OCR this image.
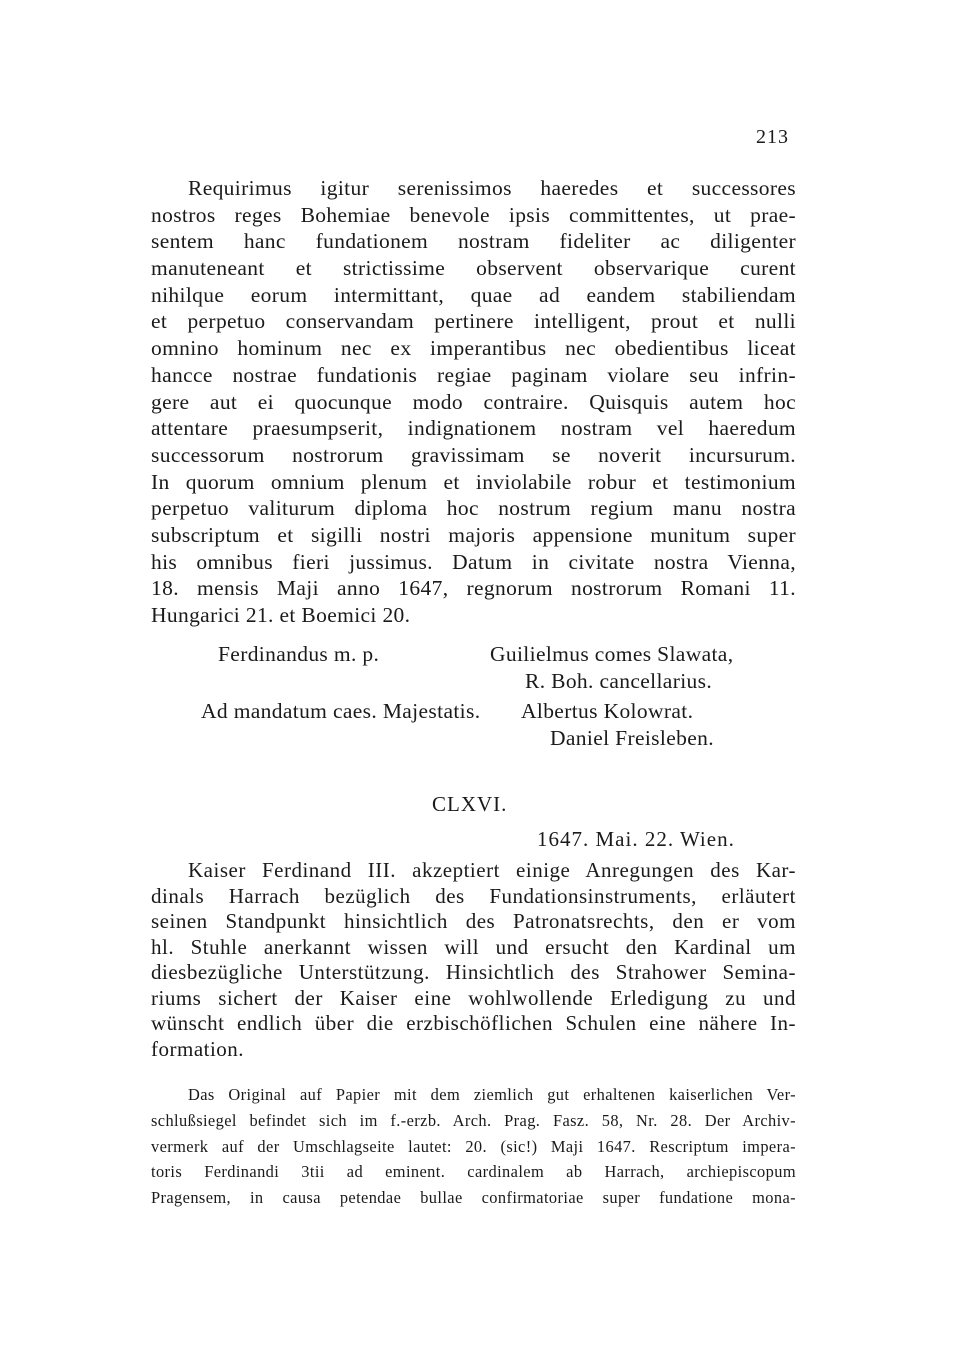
213
Requirimus igitur serenissimos haeredes et successores
nostros reges Bohemiae benevole ipsis committentes, ut prae-
sentem hanc fundationem nostram fideliter ac diligenter
manuteneant et strictissime observent observarique curent
nihilque eorum intermittant, quae ad eandem stabiliendam
et perpetuo conservandam pertinere intelligent, prout et nulli
omnino hominum nec ex imperantibus nec obedientibus liceat
hancce nostrae fundationis regiae paginam violare seu infrin-
gere aut ei quocunque modo contraire. Quisquis autem hoc
attentare praesumpserit, indignationem nostram vel haeredum
successorum nostrorum gravissimam se noverit incursurum.
In quorum omnium plenum et inviolabile robur et testimonium
perpetuo valiturum diploma hoc nostrum regium manu nostra
subscriptum et sigilli nostri majoris appensione munitum super
his omnibus fieri jussimus. Datum in civitate nostra Vienna,
18. mensis Maji anno 1647, regnorum nostrorum Romani 11.
Hungarici 21. et Boemici 20.
Ferdinandus m. p.	Guilielmus comes Slawata,
R. Boh. cancellarius.
Ad mandatum caes. Majestatis. Albertus Kolowrat.
Daniel Freisleben.
CLXVI.
1647. Mai. 22. Wien.
Kaiser Ferdinand III. akzeptiert einige Anregungen des Kar-
dinals Harrach bezüglich des Fundationsinstruments, erläutert
seinen Standpunkt hinsichtlich des Patronatsrechts, den er vom
hl. Stuhle anerkannt wissen will und ersucht den Kardinal um
diesbezügliche Unterstützung. Hinsichtlich des Strahower Semina-
riums sichert der Kaiser eine wohlwollende Erledigung zu und
wünscht endlich über die erzbischöflichen Schulen eine nähere In-
formation.
Das Original auf Papier mit dem ziemlich gut erhaltenen kaiserlichen Ver-
schlußsiegel befindet sich im f.-erzb. Arch. Prag. Fasz. 58, Nr. 28. Der Archiv-
vermerk auf der Umschlagseite lautet: 20. (sic!) Maji 1647. Rescriptum impera-
toris Ferdinandi 3tii ad eminent. cardinalem ab Harrach, archiepiscopum
Pragensem, in causa petendae bullae confirmatoriae super fundatione mona-
